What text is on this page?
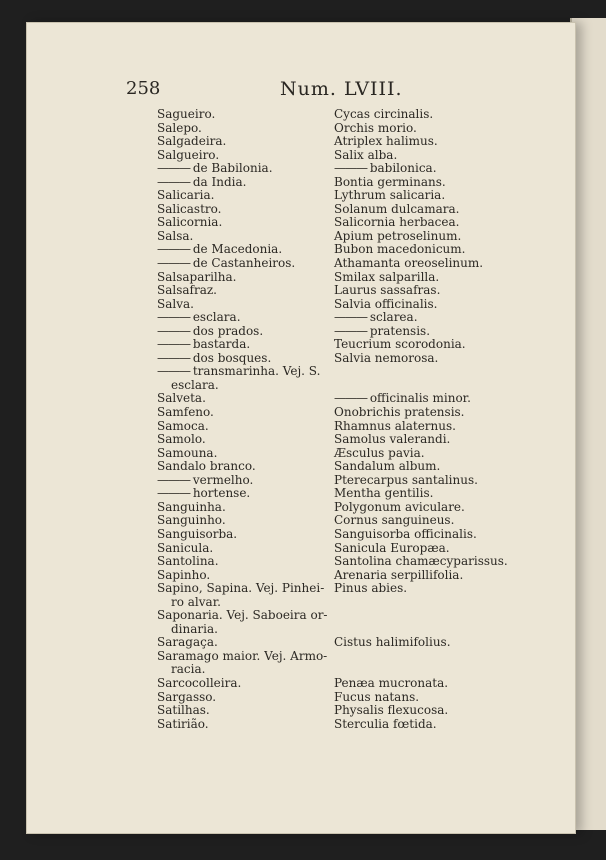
258	Num. LVIII.
Sagueiro.
Salepo.
Salgadeira.
Salgueiro.
——— de Babilonia.
——— da India.
Salicaria.
Salicastro.
Salicornia.
Salsa.
——— de Macedonia.
——— de Castanheiros.
Salsaparilha.
Salsafraz.
Salva.
——— esclara.
——— dos prados.
——— bastarda.
——— dos bosques.
——— transmarinha. Vej. S.
esclara.
Salveta.
Samfeno.
Samoca.
Samolo.
Samouna.
Sandalo branco.
——— vermelho.
——— hortense.
Sanguinha.
Sanguinho.
Sanguisorba.
Sanicula.
Santolina.
Sapinho.
Sapino, Sapina. Vej. Pinhei-
ro alvar.
Saponaria. Vej. Saboeira or-
dinaria.
Saragaça.
Saramago maior. Vej. Armo-
racia.
Sarcocolleira.
Sargasso.
Satilhas.
Satirião.
Cycas circinalis.
Orchis morio.
Atriplex halimus.
Salix alba.
——— babilonica.
Bontia germinans.
Lythrum salicaria.
Solanum dulcamara.
Salicornia herbacea.
Apium petroselinum.
Bubon macedonicum.
Athamanta oreoselinum.
Smilax salparilla.
Laurus sassafras.
Salvia officinalis.
——— sclarea.
——— pratensis.
Teucrium scorodonia.
Salvia nemorosa.
——— officinalis minor.
Onobrichis pratensis.
Rhamnus alaternus.
Samolus valerandi.
Æsculus pavia.
Sandalum album.
Pterecarpus santalinus.
Mentha gentilis.
Polygonum aviculare.
Cornus sanguineus.
Sanguisorba officinalis.
Sanicula Europæa.
Santolina chamæcyparissus.
Arenaria serpillifolia.
Pinus abies.
Cistus halimifolius.
Penæa mucronata.
Fucus natans.
Physalis flexucosa.
Sterculia fœtida.
